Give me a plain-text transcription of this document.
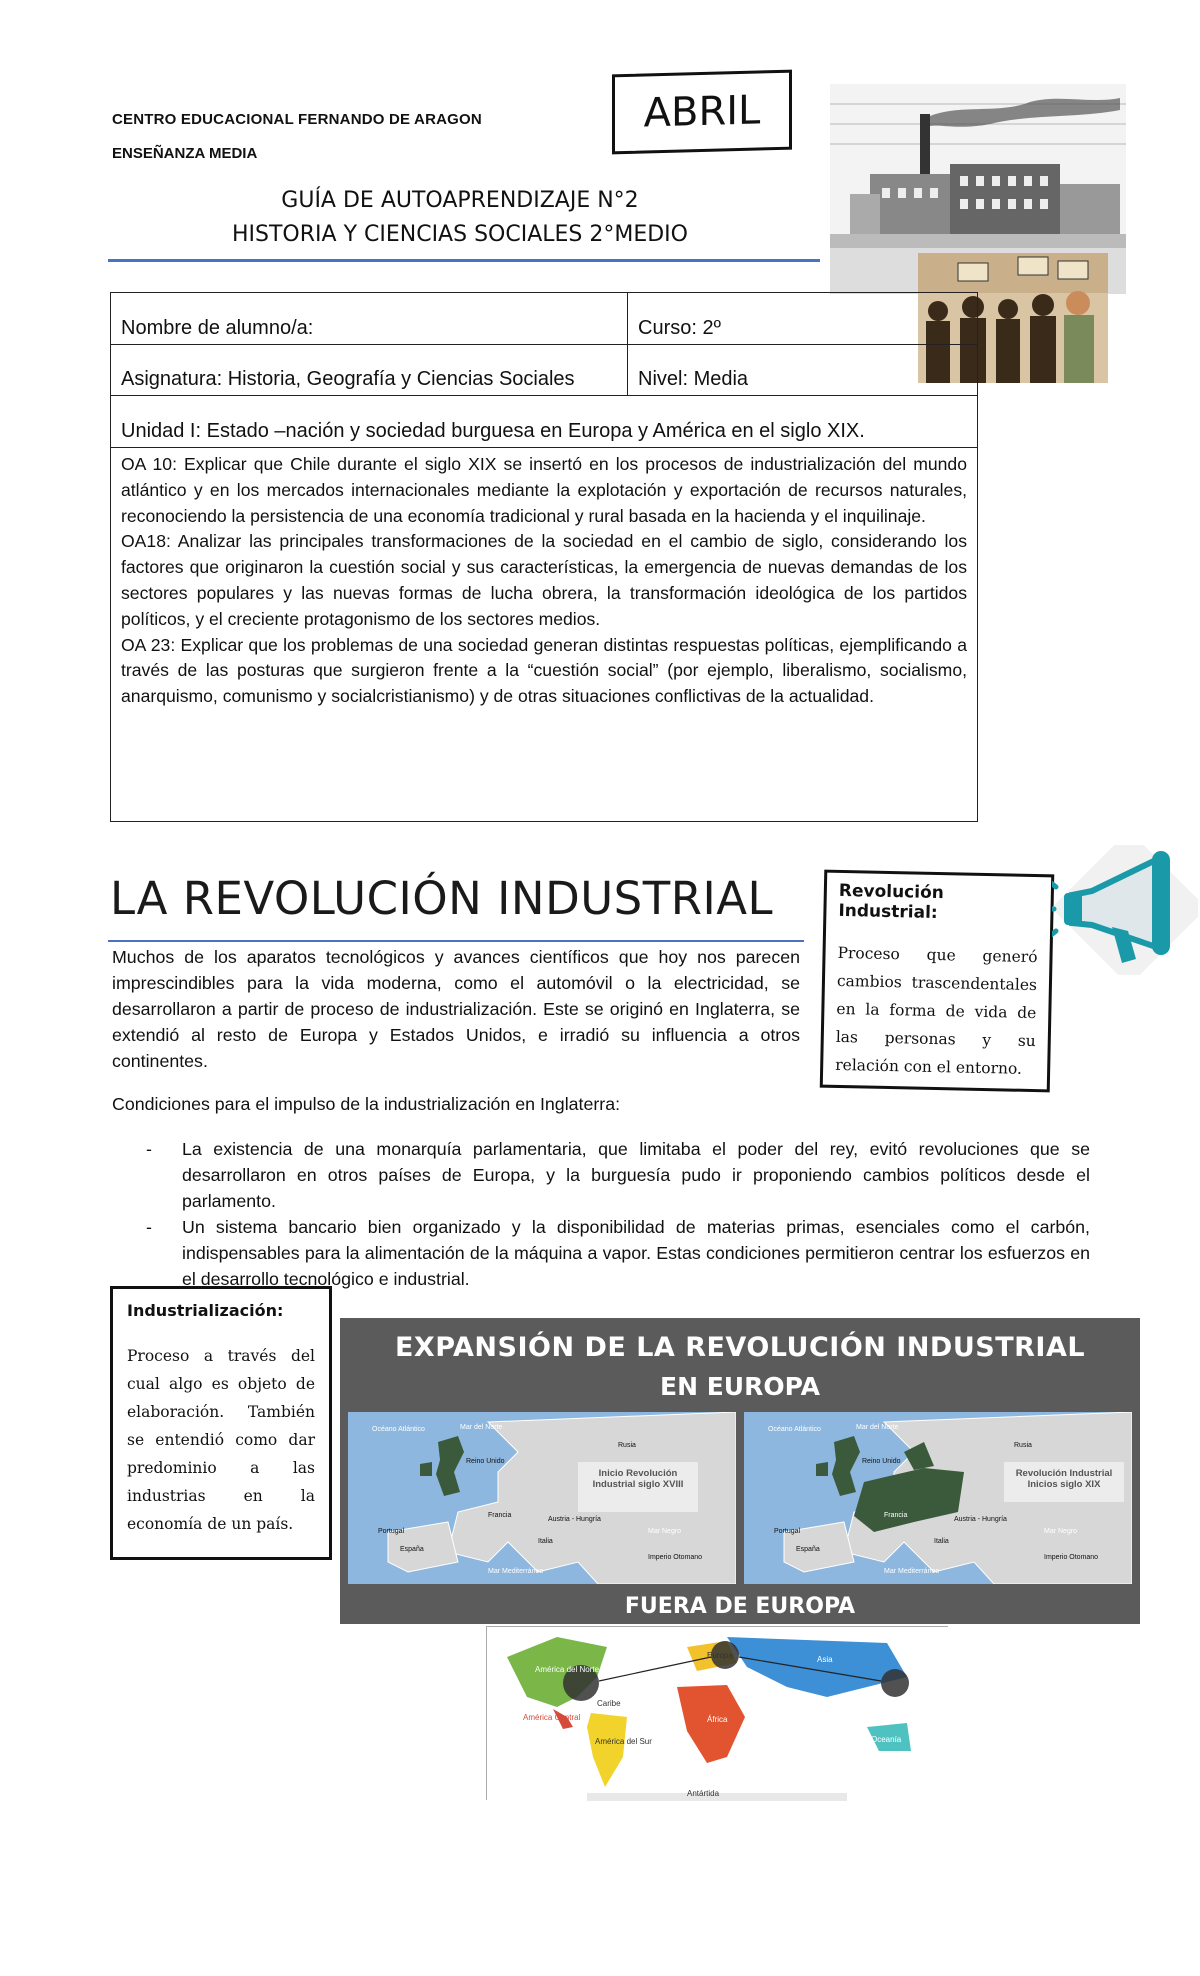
CENTRO EDUCACIONAL FERNANDO DE ARAGON
ENSEÑANZA MEDIA
ABRIL
GUÍA DE AUTOAPRENDIZAJE N°2
HISTORIA Y CIENCIAS SOCIALES 2°MEDIO
Nombre de alumno/a:	Curso: 2º
Asignatura: Historia, Geografía y Ciencias Sociales	Nivel: Media
Unidad I: Estado –nación y sociedad burguesa en Europa y América en el siglo XIX.	

OA 10: Explicar que Chile durante el siglo XIX se insertó en los procesos de industrialización del mundo atlántico y en los mercados internacionales mediante la explotación y exportación de recursos naturales, reconociendo la persistencia de una economía tradicional y rural basada en la hacienda y el inquilinaje.

OA18: Analizar las principales transformaciones de la sociedad en el cambio de siglo, considerando los factores que originaron la cuestión social y sus características, la emergencia de nuevas demandas de los sectores populares y las nuevas formas de lucha obrera, la transformación ideológica de los partidos políticos, y el creciente protagonismo de los sectores medios.

OA 23: Explicar que los problemas de una sociedad generan distintas respuestas políticas, ejemplificando a través de las posturas que surgieron frente a la “cuestión social” (por ejemplo, liberalismo, socialismo, anarquismo, comunismo y socialcristianismo) y de otras situaciones conflictivas de la actualidad.

LA REVOLUCIÓN INDUSTRIAL
Muchos de los aparatos tecnológicos y avances científicos que hoy nos parecen imprescindibles para la vida moderna, como el automóvil o la electricidad, se desarrollaron a partir de proceso de industrialización. Este se originó en Inglaterra, se extendió al resto de Europa y Estados Unidos, e irradió su influencia a otros continentes.
Revolución Industrial:

Proceso que generó cambios trascendentales en la forma de vida de las personas y su relación con el entorno.

Condiciones para el impulso de la industrialización en Inglaterra:
- La existencia de una monarquía parlamentaria, que limitaba el poder del rey, evitó revoluciones que se desarrollaron en otros países de Europa, y la burguesía pudo ir proponiendo cambios políticos desde el parlamento.
- Un sistema bancario bien organizado y la disponibilidad de materias primas, esenciales como el carbón, indispensables para la alimentación de la máquina a vapor. Estas condiciones permitieron centrar los esfuerzos en el desarrollo tecnológico e industrial.
Industrialización:

Proceso a través del cual algo es objeto de elaboración. También se entendió como dar predominio a las industrias en la economía de un país.

EXPANSIÓN DE LA REVOLUCIÓN INDUSTRIAL
EN EUROPA
Inicio Revolución Industrial siglo XVIII
Océano Atlántico	Mar del Norte
Reino Unido
Rusia
Francia
España
Portugal
Italia
Austria - Hungría
Imperio Otomano
Mar Mediterráneo
Mar Negro
Revolución Industrial Inicios siglo XIX
Océano Atlántico	Mar del Norte
Reino Unido
Rusia
Francia
España
Portugal
Italia
Austria - Hungría
Imperio Otomano
Mar Mediterráneo
Mar Negro
FUERA DE EUROPA
América del Norte
Caribe
América Central
América del Sur
Europa	Asia
África
Oceanía
Antártida
